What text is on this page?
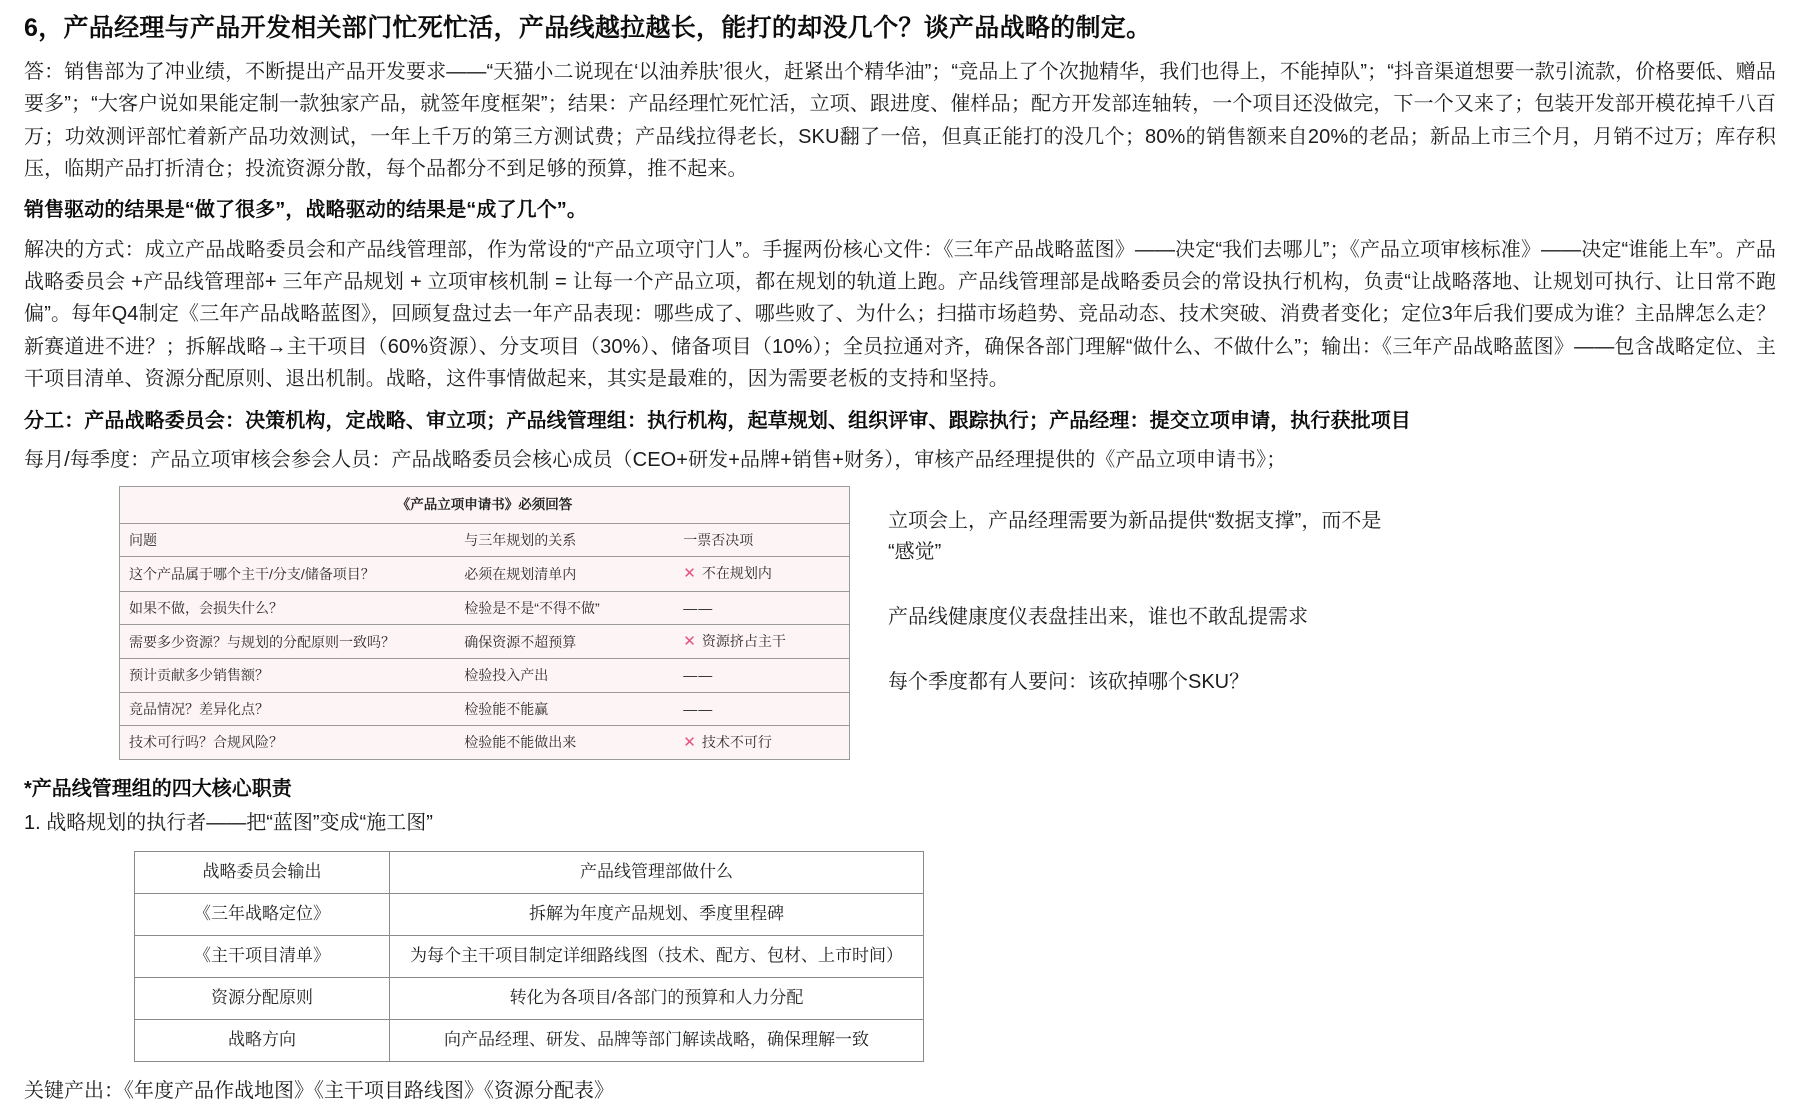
6，产品经理与产品开发相关部门忙死忙活，产品线越拉越长，能打的却没几个？谈产品战略的制定。

答：销售部为了冲业绩，不断提出产品开发要求——“天猫小二说现在‘以油养肤’很火，赶紧出个精华油”；“竞品上了个次抛精华，我们也得上，不能掉队”；“抖音渠道想要一款引流款，价格要低、赠品要多”；“大客户说如果能定制一款独家产品，就签年度框架”；结果：产品经理忙死忙活，立项、跟进度、催样品；配方开发部连轴转，一个项目还没做完，下一个又来了；包装开发部开模花掉千八百万；功效测评部忙着新产品功效测试，一年上千万的第三方测试费；产品线拉得老长，SKU翻了一倍，但真正能打的没几个；80%的销售额来自20%的老品；新品上市三个月，月销不过万；库存积压，临期产品打折清仓；投流资源分散，每个品都分不到足够的预算，推不起来。

销售驱动的结果是“做了很多”，战略驱动的结果是“成了几个”。

解决的方式：成立产品战略委员会和产品线管理部，作为常设的“产品立项守门人”。手握两份核心文件：《三年产品战略蓝图》——决定“我们去哪儿”；《产品立项审核标准》——决定“谁能上车”。产品战略委员会 +产品线管理部+ 三年产品规划 + 立项审核机制 = 让每一个产品立项，都在规划的轨道上跑。产品线管理部是战略委员会的常设执行机构，负责“让战略落地、让规划可执行、让日常不跑偏”。每年Q4制定《三年产品战略蓝图》，回顾复盘过去一年产品表现：哪些成了、哪些败了、为什么；扫描市场趋势、竞品动态、技术突破、消费者变化；定位3年后我们要成为谁？主品牌怎么走？新赛道进不进？；拆解战略→主干项目（60%资源）、分支项目（30%）、储备项目（10%）；全员拉通对齐，确保各部门理解“做什么、不做什么”；输出：《三年产品战略蓝图》——包含战略定位、主干项目清单、资源分配原则、退出机制。战略，这件事情做起来，其实是最难的，因为需要老板的支持和坚持。

分工：产品战略委员会：决策机构，定战略、审立项；产品线管理组：执行机构，起草规划、组织评审、跟踪执行；产品经理：提交立项申请，执行获批项目

每月/每季度：产品立项审核会参会人员：产品战略委员会核心成员（CEO+研发+品牌+销售+财务），审核产品经理提供的《产品立项申请书》；

《产品立项申请书》必须回答		
问题	与三年规划的关系	一票否决项
这个产品属于哪个主干/分支/储备项目？	必须在规划清单内	✕ 不在规划内
如果不做，会损失什么？	检验是不是“不得不做”	——
需要多少资源？与规划的分配原则一致吗？	确保资源不超预算	✕ 资源挤占主干
预计贡献多少销售额？	检验投入产出	——
竞品情况？差异化点？	检验能不能赢	——
技术可行吗？合规风险？	检验能不能做出来	✕ 技术不可行

立项会上，产品经理需要为新品提供“数据支撑”，而不是
“感觉”

产品线健康度仪表盘挂出来，谁也不敢乱提需求

每个季度都有人要问：该砍掉哪个SKU？

*产品线管理组的四大核心职责
1. 战略规划的执行者——把“蓝图”变成“施工图”
战略委员会输出	产品线管理部做什么
《三年战略定位》	拆解为年度产品规划、季度里程碑
《主干项目清单》	为每个主干项目制定详细路线图（技术、配方、包材、上市时间）
资源分配原则	转化为各项目/各部门的预算和人力分配
战略方向	向产品经理、研发、品牌等部门解读战略，确保理解一致
关键产出：《年度产品作战地图》《主干项目路线图》《资源分配表》
